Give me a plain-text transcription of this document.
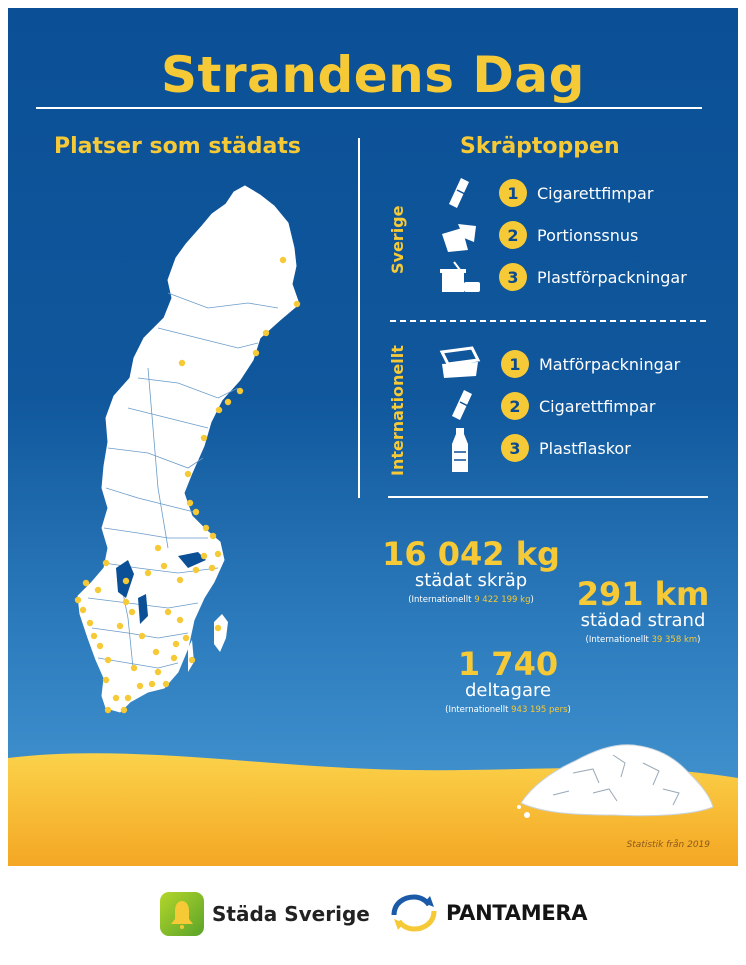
Strandens Dag
Platser som städats	Skräptoppen
Sverige
1	Cigarettfimpar
2	Portionssnus
3	Plastförpackningar
Internationellt	1	Matförpackningar
2	Cigarettfimpar
3	Plastflaskor
16 042 kg
städat skräp
(Internationellt 9 422 199 kg)	291 km
städad strand
(Internationellt 39 358 km)
1 740
deltagare
(Internationellt 943 195 pers)
Statistik från 2019
Städa Sverige	PANTAMERA
